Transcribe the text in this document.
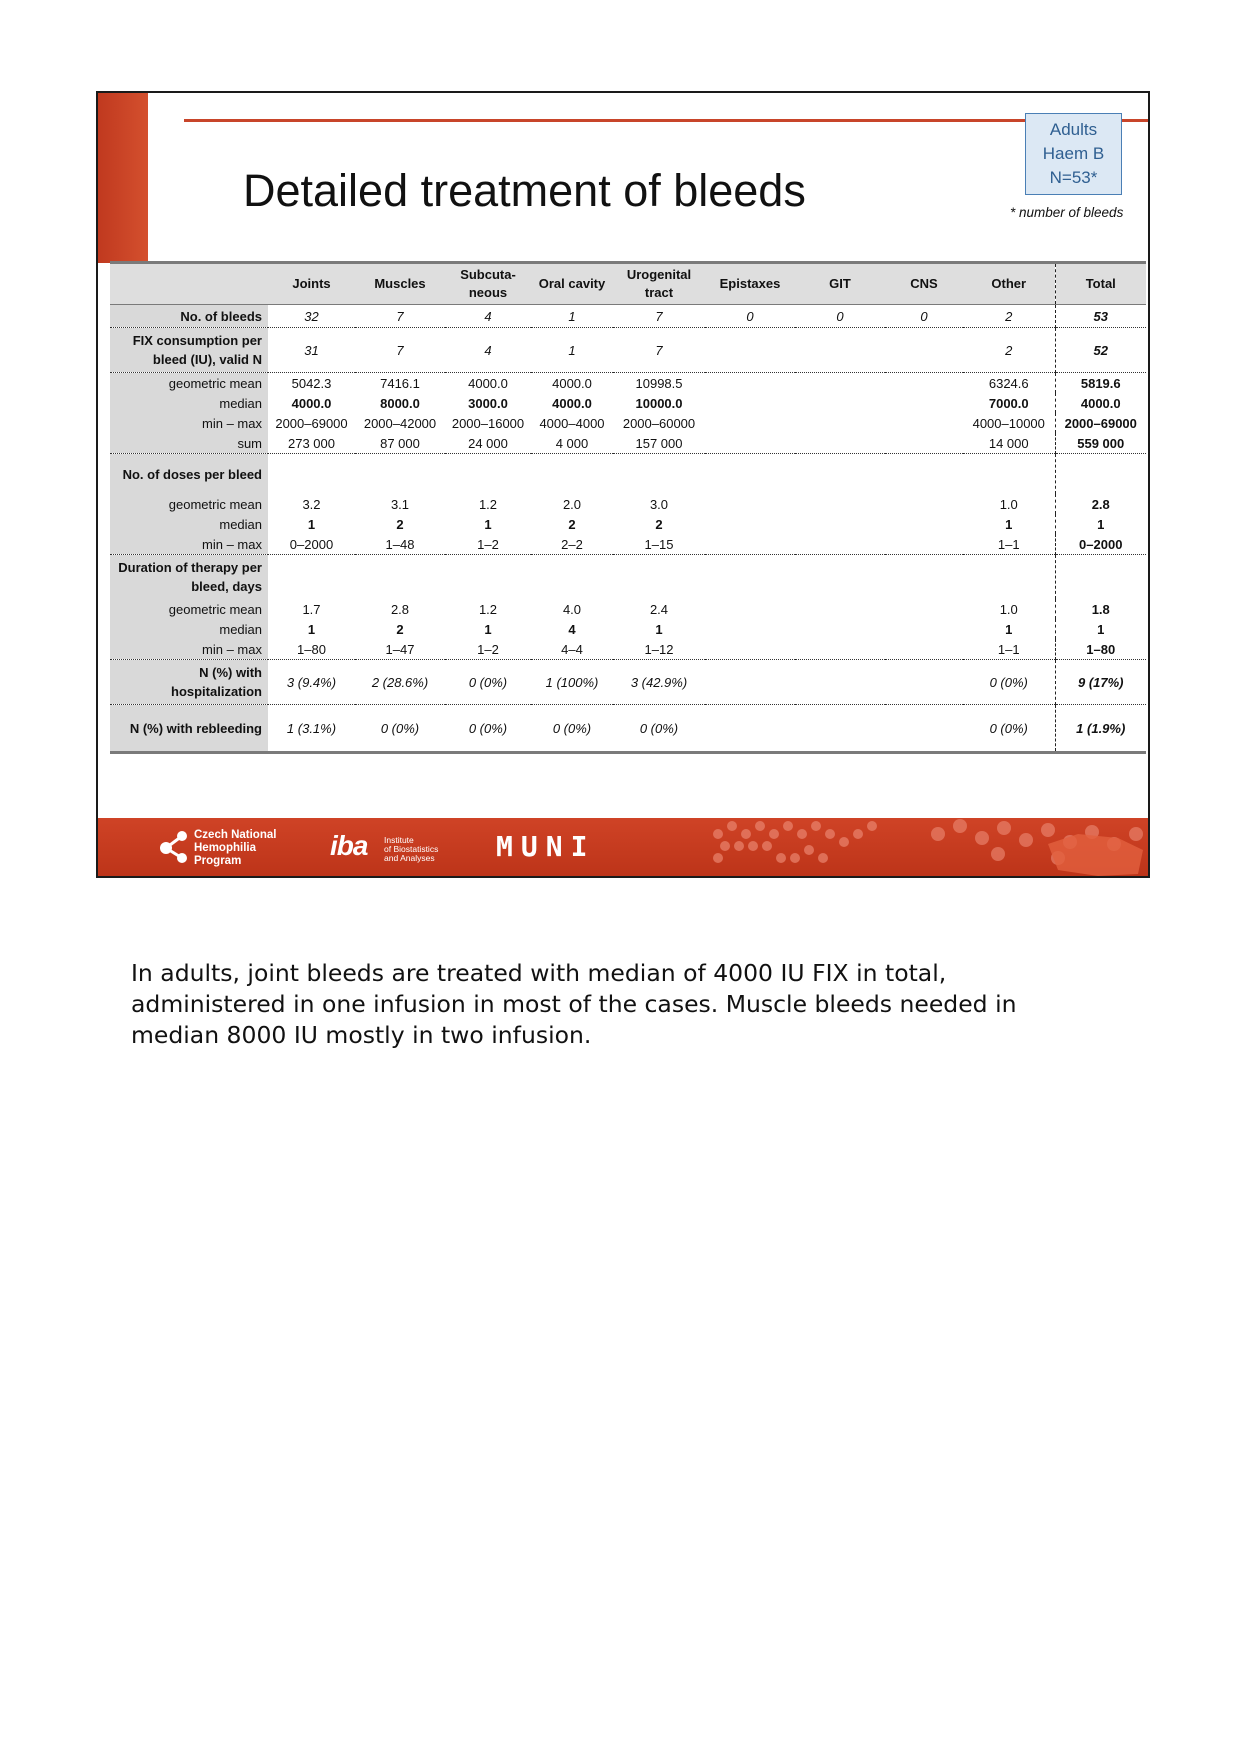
Detailed treatment of bleeds
Adults
Haem B
N=53*
* number of bleeds
	Joints	Muscles	Subcuta-neous	Oral cavity	Urogenital tract	Epistaxes	GIT	CNS	Other	Total
No. of bleeds	32	7	4	1	7	0	0	0	2	53
FIX consumption per bleed (IU), valid N	31	7	4	1	7				2	52
geometric mean	5042.3	7416.1	4000.0	4000.0	10998.5				6324.6	5819.6
median	4000.0	8000.0	3000.0	4000.0	10000.0				7000.0	4000.0
min – max	2000–69000	2000–42000	2000–16000	4000–4000	2000–60000				4000–10000	2000–69000
sum	273 000	87 000	24 000	4 000	157 000				14 000	559 000
No. of doses per bleed										
geometric mean	3.2	3.1	1.2	2.0	3.0				1.0	2.8
median	1	2	1	2	2				1	1
min – max	0–2000	1–48	1–2	2–2	1–15				1–1	0–2000
Duration of therapy per bleed, days										
geometric mean	1.7	2.8	1.2	4.0	2.4				1.0	1.8
median	1	2	1	4	1				1	1
min – max	1–80	1–47	1–2	4–4	1–12				1–1	1–80
N (%) with hospitalization	3 (9.4%)	2 (28.6%)	0 (0%)	1 (100%)	3 (42.9%)				0 (0%)	9 (17%)
N (%) with rebleeding	1 (3.1%)	0 (0%)	0 (0%)	0 (0%)	0 (0%)				0 (0%)	1 (1.9%)
Czech National
Hemophilia
Program	iba Institute
of Biostatistics
and Analyses MUNI
In adults, joint bleeds are treated with median of 4000 IU FIX in total, administered in one infusion in most of the cases. Muscle bleeds needed in median 8000 IU mostly in two infusion.
